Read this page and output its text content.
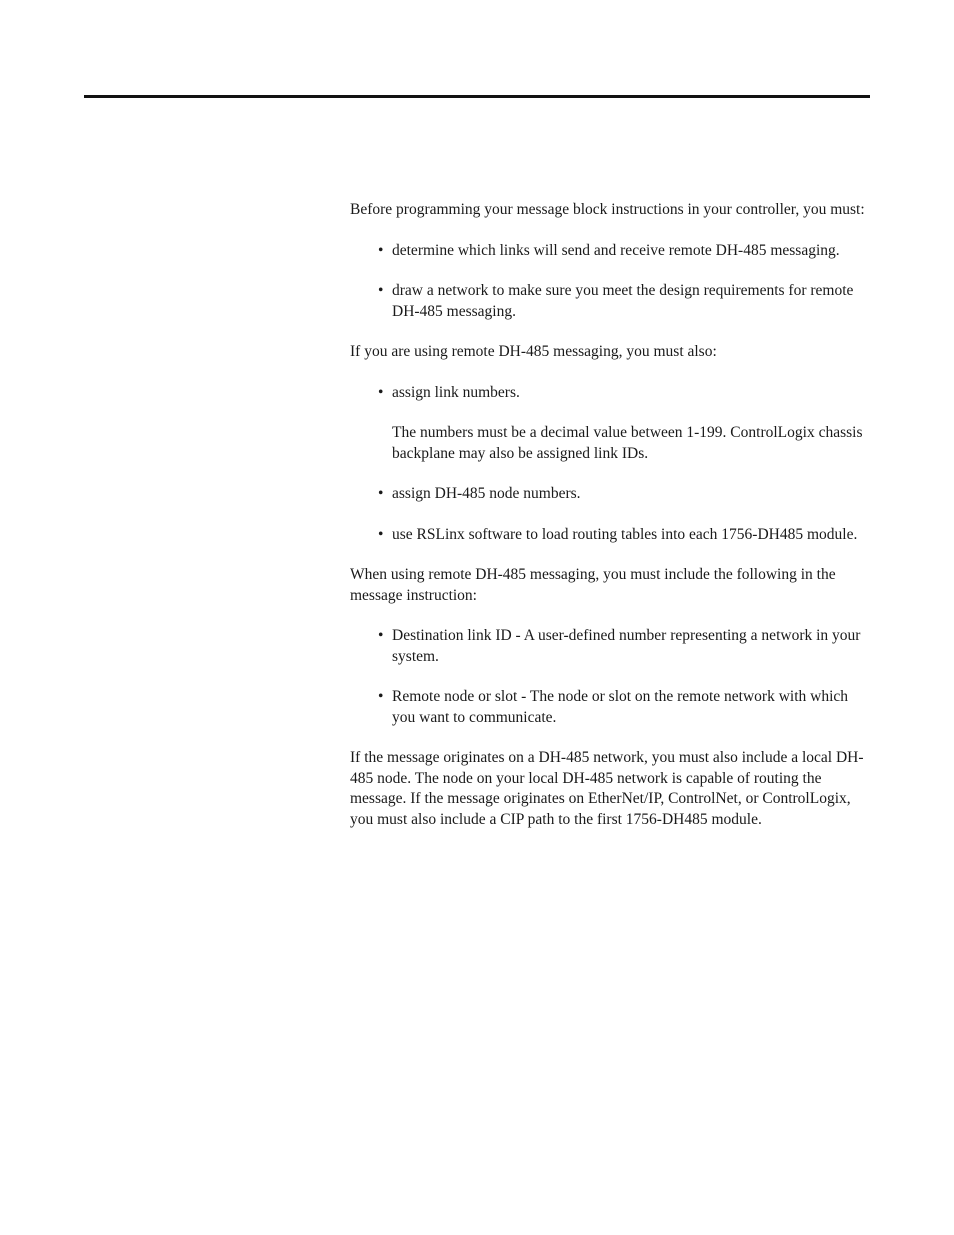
Before programming your message block instructions in your controller, you must:

• determine which links will send and receive remote DH-485 messaging.
• draw a network to make sure you meet the design requirements for remote DH-485 messaging.

If you are using remote DH-485 messaging, you must also:

• assign link numbers.

The numbers must be a decimal value between 1-199. ControlLogix chassis backplane may also be assigned link IDs.

• assign DH-485 node numbers.
• use RSLinx software to load routing tables into each 1756-DH485 module.

When using remote DH-485 messaging, you must include the following in the message instruction:

• Destination link ID - A user-defined number representing a network in your system.
• Remote node or slot - The node or slot on the remote network with which you want to communicate.

If the message originates on a DH-485 network, you must also include a local DH-485 node. The node on your local DH-485 network is capable of routing the message. If the message originates on EtherNet/IP, ControlNet, or ControlLogix, you must also include a CIP path to the first 1756-DH485 module.
